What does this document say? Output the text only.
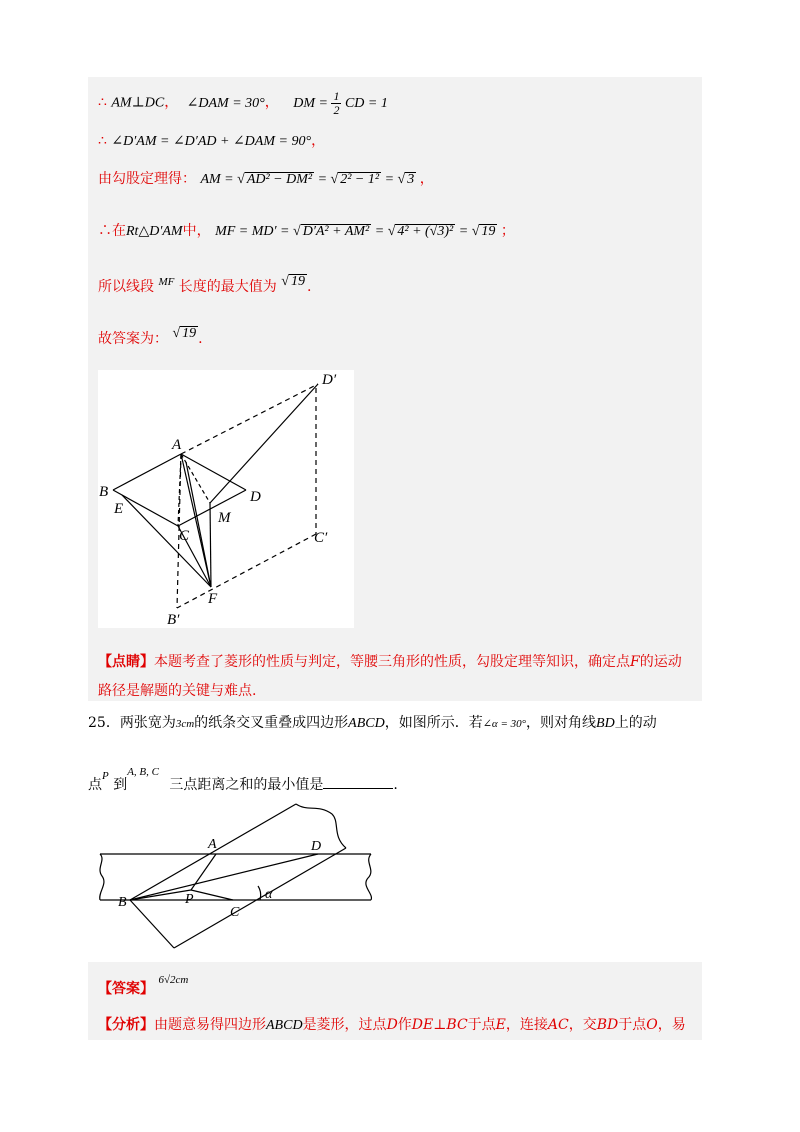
∴ AM⊥DC， ∠DAM = 30°， DM = $\frac{1}{2}$ CD = 1
∴ ∠D′AM = ∠D′AD + ∠DAM = 90°，
由勾股定理得： AM = √ AD² − DM² = √ 2² − 1² = √ 3 ，
∴在Rt△D′AM中， MF = MD′ = √ D′A² + AM² = √ 4² + (√3)² = √ 19 ；
所以线段 $^{MF}$ 长度的最大值为 √ 19 .
故答案为： √ 19 .
A
B
E
C
D
M
F
D′
C′
B′
【点睛】本题考查了菱形的性质与判定，等腰三角形的性质，勾股定理等知识，确定点F的运动
路径是解题的关键与难点.
25．两张宽为3cm的纸条交叉重叠成四边形ABCD，如图所示．若∠α = 30°，则对角线BD上的动
点$^P$ 到$^{A, B, C}$ 三点距离之和的最小值是	.
A	D
B	P
C
α
【答案】 $^{6√2cm}$
【分析】由题意易得四边形ABCD是菱形，过点D作DE⊥BC于点E，连接AC，交BD于点O，易
